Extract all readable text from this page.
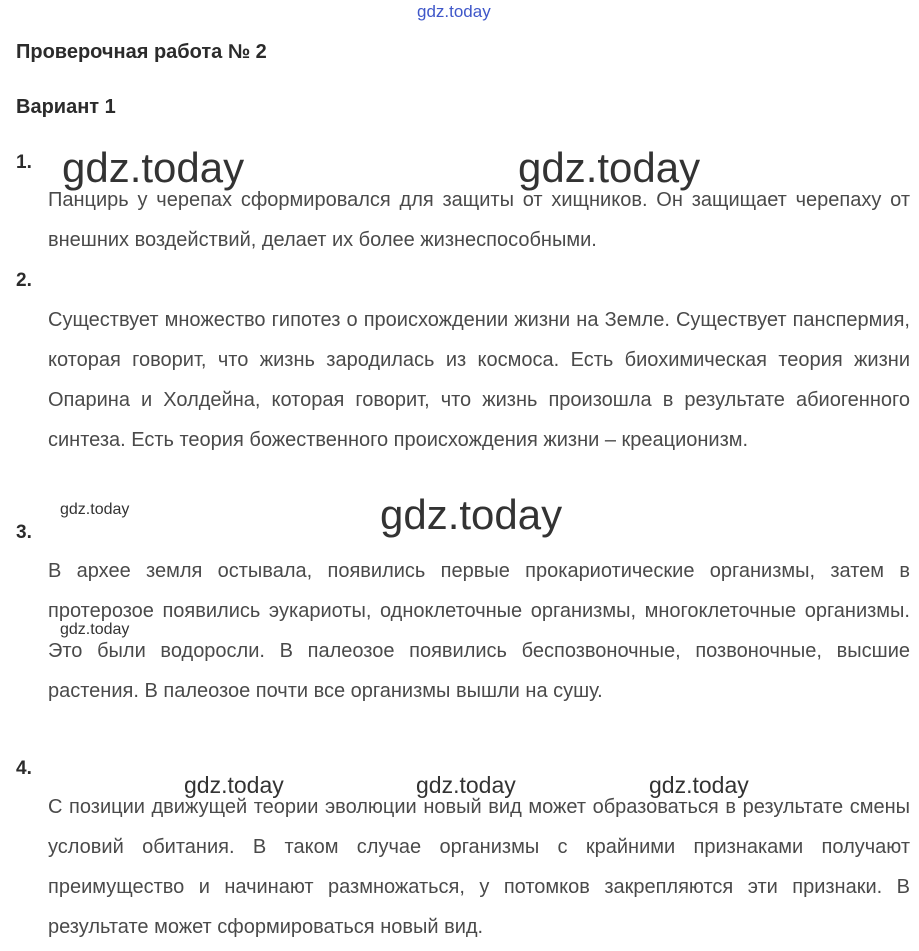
gdz.today
Проверочная работа № 2
Вариант 1
1.
Панцирь у черепах сформировался для защиты от хищников. Он защищает черепаху от внешних воздействий, делает их более жизнеспособными.
2.
Существует множество гипотез о происхождении жизни на Земле. Существует панспермия, которая говорит, что жизнь зародилась из космоса. Есть биохимическая теория жизни Опарина и Холдейна, которая говорит, что жизнь произошла в результате абиогенного синтеза. Есть теория божественного происхождения жизни – креационизм.
3.
В архее земля остывала, появились первые прокариотические организмы, затем в протерозое появились эукариоты, одноклеточные организмы, многоклеточные организмы. Это были водоросли. В палеозое появились беспозвоночные, позвоночные, высшие растения. В палеозое почти все организмы вышли на сушу.
4.
С позиции движущей теории эволюции новый вид может образоваться в результате смены условий обитания. В таком случае организмы с крайними признаками получают преимущество и начинают размножаться, у потомков закрепляются эти признаки. В результате может сформироваться новый вид.
gdz.today	gdz.today
gdz.today	gdz.today
gdz.today
gdz.today	gdz.today	gdz.today
